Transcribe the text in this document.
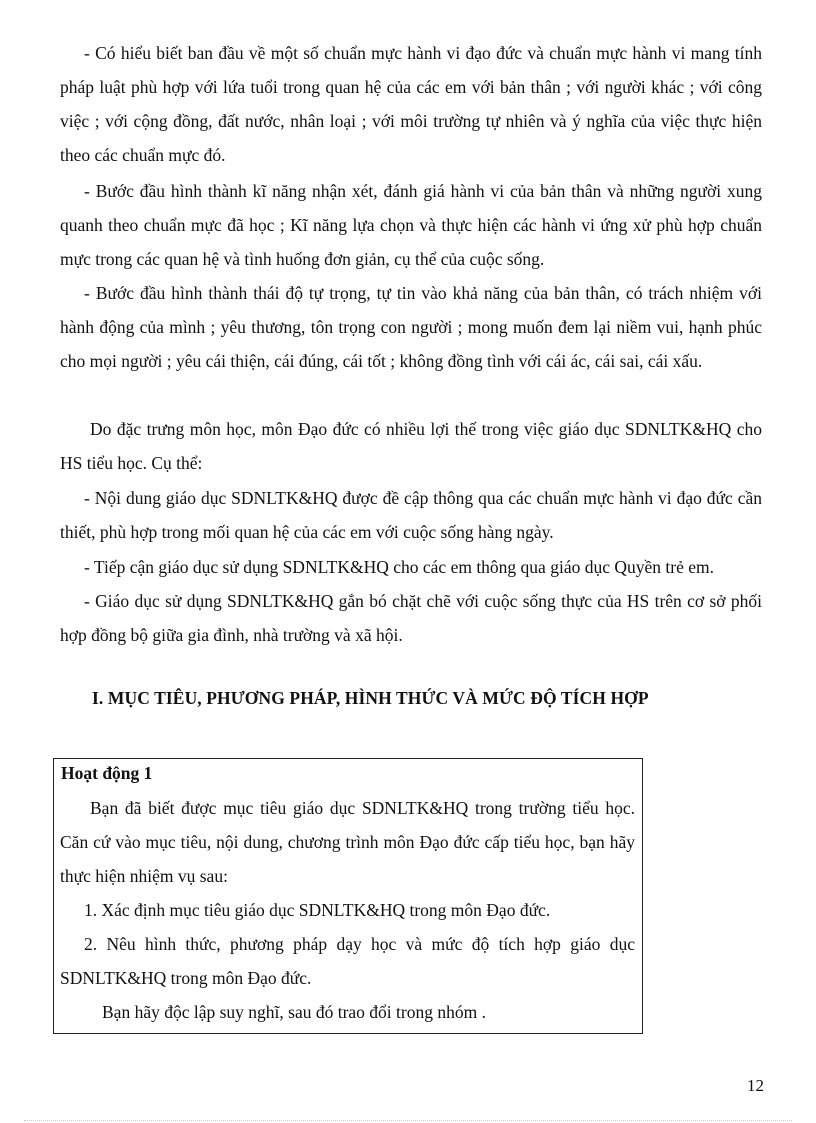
- Có hiểu biết ban đầu về một số chuẩn mực hành vi đạo đức và chuẩn mực hành vi mang tính pháp luật phù hợp với lứa tuổi trong quan hệ của các em với bản thân ; với người khác ; với công việc ; với cộng đồng, đất nước, nhân loại ; với môi trường tự nhiên và ý nghĩa của việc thực hiện theo các chuẩn mực đó.

- Bước đầu hình thành kĩ năng nhận xét, đánh giá hành vi của bản thân và những người xung quanh theo chuẩn mực đã học ; Kĩ năng lựa chọn và thực hiện các hành vi ứng xử phù hợp chuẩn mực trong các quan hệ và tình huống đơn giản, cụ thể của cuộc sống.

- Bước đầu hình thành thái độ tự trọng, tự tin vào khả năng của bản thân, có trách nhiệm với hành động của mình ; yêu thương, tôn trọng con người ; mong muốn đem lại niềm vui, hạnh phúc cho mọi người ; yêu cái thiện, cái đúng, cái tốt ; không đồng tình với cái ác, cái sai, cái xấu.

Do đặc trưng môn học, môn Đạo đức có nhiều lợi thế trong việc giáo dục SDNLTK&HQ cho HS tiểu học. Cụ thể:

- Nội dung giáo dục SDNLTK&HQ được đề cập thông qua các chuẩn mực hành vi đạo đức cần thiết, phù hợp trong mối quan hệ của các em với cuộc sống hàng ngày.

- Tiếp cận giáo dục sử dụng SDNLTK&HQ cho các em thông qua giáo dục Quyền trẻ em.

- Giáo dục sử dụng SDNLTK&HQ gắn bó chặt chẽ với cuộc sống thực của HS trên cơ sở phối hợp đồng bộ giữa gia đình, nhà trường và xã hội.

I. MỤC TIÊU, PHƯƠNG PHÁP, HÌNH THỨC VÀ MỨC ĐỘ TÍCH HỢP

Hoạt động 1

Bạn đã biết được mục tiêu giáo dục SDNLTK&HQ trong trường tiểu học. Căn cứ vào mục tiêu, nội dung, chương trình môn Đạo đức cấp tiểu học, bạn hãy thực hiện nhiệm vụ sau:

1. Xác định mục tiêu giáo dục SDNLTK&HQ trong môn Đạo đức.

2. Nêu hình thức, phương pháp dạy học và mức độ tích hợp giáo dục SDNLTK&HQ trong môn Đạo đức.

Bạn hãy độc lập suy nghĩ, sau đó trao đổi trong nhóm .

12
